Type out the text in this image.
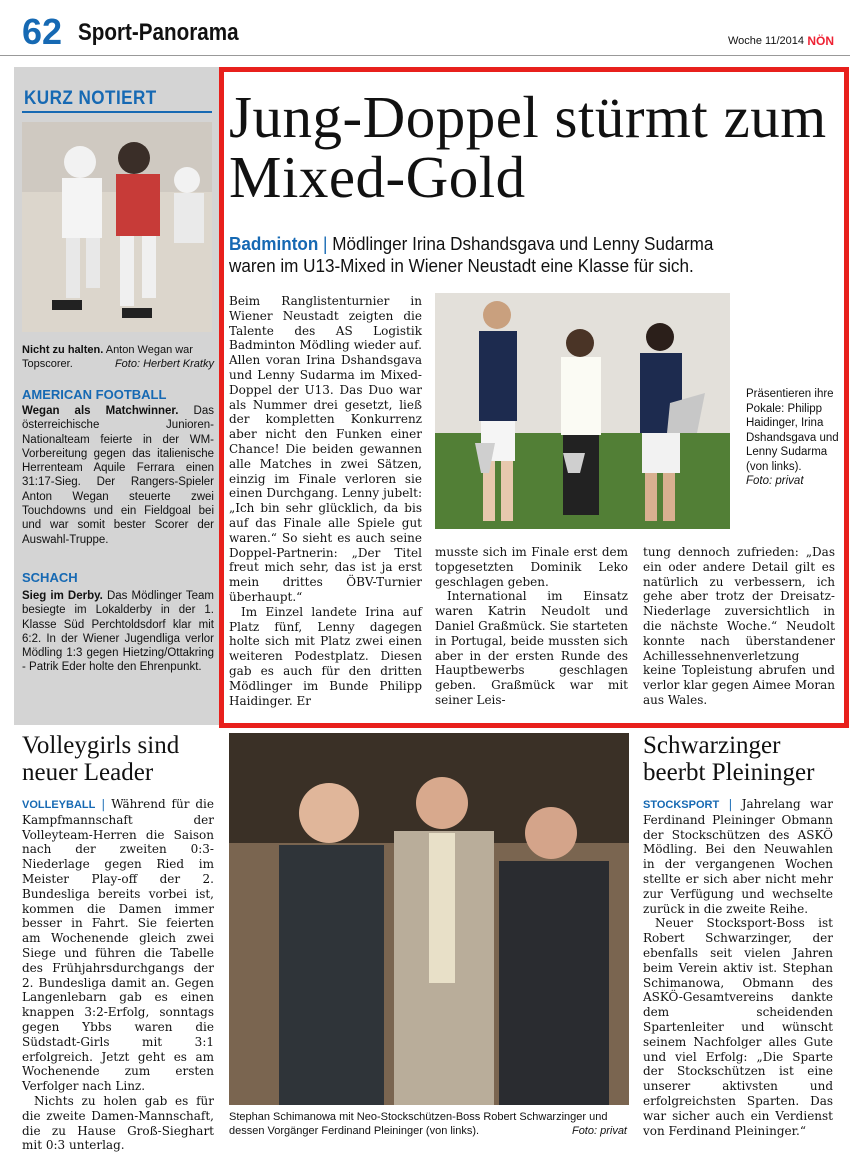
62 Sport-Panorama	Woche 11/2014 NÖN
KURZ NOTIERT
Nicht zu halten. Anton Wegan war Topscorer.	Foto: Herbert Kratky
AMERICAN FOOTBALL
Wegan als Matchwinner. Das österreichische Junioren-Nationalteam feierte in der WM-Vorbereitung gegen das italienische Herrenteam Aquile Ferrara einen 31:17-Sieg. Der Rangers-Spieler Anton Wegan steuerte zwei Touchdowns und ein Fieldgoal bei und war somit bester Scorer der Auswahl-Truppe.
SCHACH
Sieg im Derby. Das Mödlinger Team besiegte im Lokalderby in der 1. Klasse Süd Perchtoldsdorf klar mit 6:2. In der Wiener Jugendliga verlor Mödling 1:3 gegen Hietzing/Ottakring - Patrik Eder holte den Ehrenpunkt.
Jung-Doppel stürmt zum Mixed-Gold
Badminton | Mödlinger Irina Dshandsgava und Lenny Sudarma waren im U13-Mixed in Wiener Neustadt eine Klasse für sich.

Beim Ranglistenturnier in Wiener Neustadt zeigten die Talente des AS Logistik Badminton Mödling wieder auf. Allen voran Irina Dshandsgava und Lenny Sudarma im Mixed-Doppel der U13. Das Duo war als Nummer drei gesetzt, ließ der kompletten Konkurrenz aber nicht den Funken einer Chance! Die beiden gewannen alle Matches in zwei Sätzen, einzig im Finale verloren sie einen Durchgang. Lenny jubelt: „Ich bin sehr glücklich, da bis auf das Finale alle Spiele gut waren.“ So sieht es auch seine Doppel-Partnerin: „Der Titel freut mich sehr, das ist ja erst mein drittes ÖBV-Turnier überhaupt.“

Im Einzel landete Irina auf Platz fünf, Lenny dagegen holte sich mit Platz zwei einen weiteren Podestplatz. Diesen gab es auch für den dritten Mödlinger im Bunde Philipp Haidinger. Er

Präsentieren ihre Pokale: Philipp Haidinger, Irina Dshandsgava und Lenny Sudarma (von links).
Foto: privat

musste sich im Finale erst dem topgesetzten Dominik Leko geschlagen geben.

International im Einsatz waren Katrin Neudolt und Daniel Graßmück. Sie starteten in Portugal, beide mussten sich aber in der ersten Runde des Hauptbewerbs geschlagen geben. Graßmück war mit seiner Leis-

tung dennoch zufrieden: „Das ein oder andere Detail gilt es natürlich zu verbessern, ich gehe aber trotz der Dreisatz-Niederlage zuversichtlich in die nächste Woche.“ Neudolt konnte nach überstandener Achillessehnenverletzung keine Topleistung abrufen und verlor klar gegen Aimee Moran aus Wales.

Volleygirls sind neuer Leader

VOLLEYBALL | Während für die Kampfmannschaft der Volleyteam-Herren die Saison nach der zweiten 0:3-Niederlage gegen Ried im Meister Play-off der 2. Bundesliga bereits vorbei ist, kommen die Damen immer besser in Fahrt. Sie feierten am Wochenende gleich zwei Siege und führen die Tabelle des Frühjahrsdurchgangs der 2. Bundesliga damit an. Gegen Langenlebarn gab es einen knappen 3:2-Erfolg, sonntags gegen Ybbs waren die Südstadt-Girls mit 3:1 erfolgreich. Jetzt geht es am Wochenende zum ersten Verfolger nach Linz.

Nichts zu holen gab es für die zweite Damen-Mannschaft, die zu Hause Groß-Sieghart mit 0:3 unterlag.

Stephan Schimanowa mit Neo-Stockschützen-Boss Robert Schwarzinger und dessen Vorgänger Ferdinand Pleininger (von links).	Foto: privat
Schwarzinger beerbt Pleininger

STOCKSPORT | Jahrelang war Ferdinand Pleininger Obmann der Stockschützen des ASKÖ Mödling. Bei den Neuwahlen in der vergangenen Wochen stellte er sich aber nicht mehr zur Verfügung und wechselte zurück in die zweite Reihe.

Neuer Stocksport-Boss ist Robert Schwarzinger, der ebenfalls seit vielen Jahren beim Verein aktiv ist. Stephan Schimanowa, Obmann des ASKÖ-Gesamtvereins dankte dem scheidenden Spartenleiter und wünscht seinem Nachfolger alles Gute und viel Erfolg: „Die Sparte der Stockschützen ist eine unserer aktivsten und erfolgreichsten Sparten. Das war sicher auch ein Verdienst von Ferdinand Pleininger.“
